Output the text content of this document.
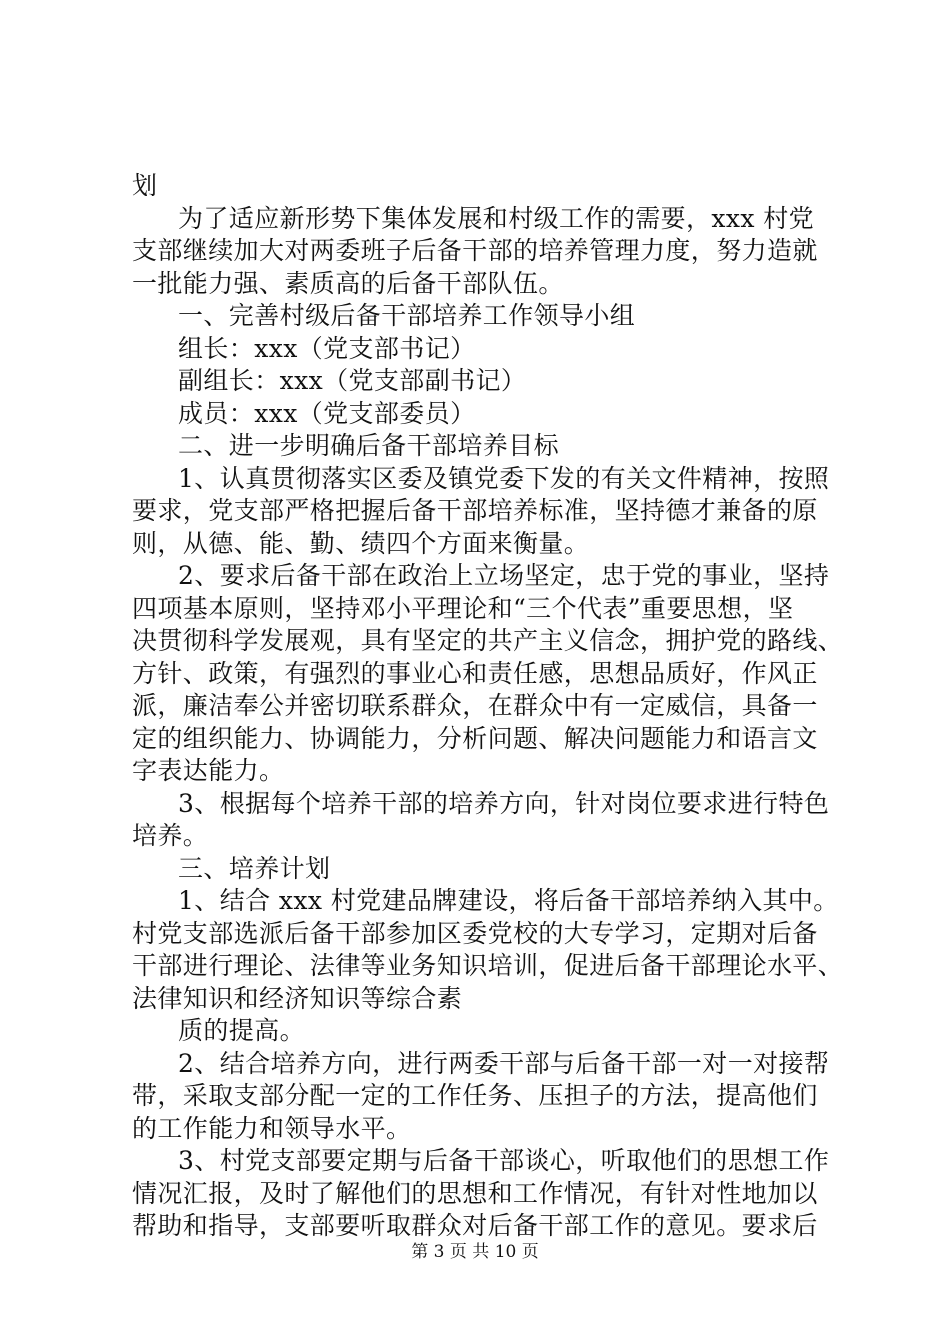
划
为了适应新形势下集体发展和村级工作的需要，xxx 村党
支部继续加大对两委班子后备干部的培养管理力度，努力造就
一批能力强、素质高的后备干部队伍。
一、完善村级后备干部培养工作领导小组
组长：xxx（党支部书记）
副组长：xxx（党支部副书记）
成员：xxx（党支部委员）
二、进一步明确后备干部培养目标
1、认真贯彻落实区委及镇党委下发的有关文件精神，按照
要求，党支部严格把握后备干部培养标准，坚持德才兼备的原
则，从德、能、勤、绩四个方面来衡量。
2、要求后备干部在政治上立场坚定，忠于党的事业，坚持
四项基本原则，坚持邓小平理论和“三个代表”重要思想，坚
决贯彻科学发展观，具有坚定的共产主义信念，拥护党的路线、
方针、政策，有强烈的事业心和责任感，思想品质好，作风正
派，廉洁奉公并密切联系群众，在群众中有一定威信，具备一
定的组织能力、协调能力，分析问题、解决问题能力和语言文
字表达能力。
3、根据每个培养干部的培养方向，针对岗位要求进行特色
培养。
三、培养计划
1、结合 xxx 村党建品牌建设，将后备干部培养纳入其中。
村党支部选派后备干部参加区委党校的大专学习，定期对后备
干部进行理论、法律等业务知识培训，促进后备干部理论水平、
法律知识和经济知识等综合素
质的提高。
2、结合培养方向，进行两委干部与后备干部一对一对接帮
带，采取支部分配一定的工作任务、压担子的方法，提高他们
的工作能力和领导水平。
3、村党支部要定期与后备干部谈心，听取他们的思想工作
情况汇报，及时了解他们的思想和工作情况，有针对性地加以
帮助和指导，支部要听取群众对后备干部工作的意见。要求后
第 3 页 共 10 页
